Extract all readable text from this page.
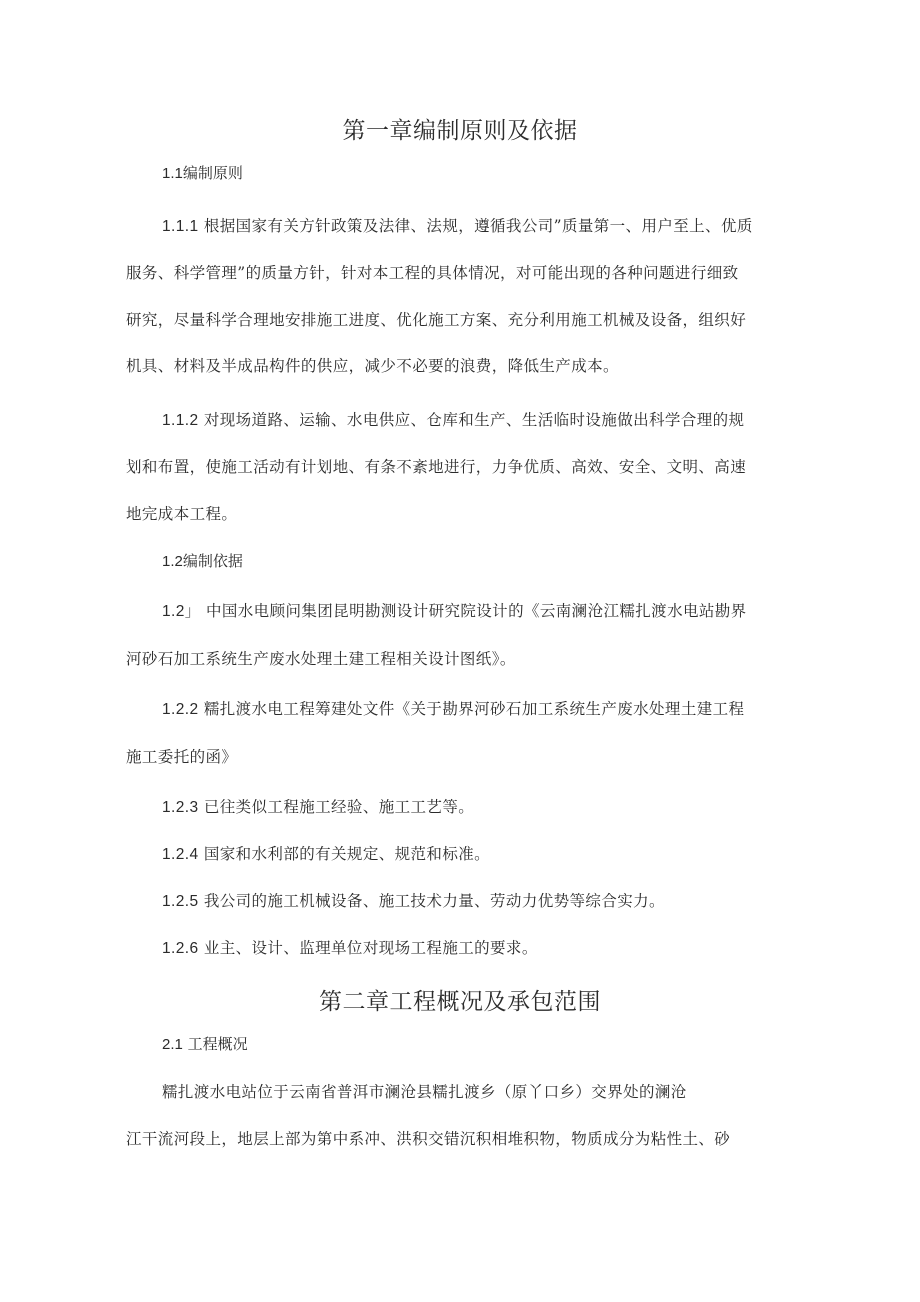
第一章编制原则及依据
1.1编制原则
1.1.1 根据国家有关方针政策及法律、法规，遵循我公司”质量第一、用户至上、优质
服务、科学管理”的质量方针，针对本工程的具体情况，对可能出现的各种问题进行细致
研究，尽量科学合理地安排施工进度、优化施工方案、充分利用施工机械及设备，组织好
机具、材料及半成品构件的供应，减少不必要的浪费，降低生产成本。
1.1.2 对现场道路、运输、水电供应、仓库和生产、生活临时设施做出科学合理的规
划和布置，使施工活动有计划地、有条不紊地进行，力争优质、高效、安全、文明、高速
地完成本工程。
1.2编制依据
1.2」 中国水电顾问集团昆明勘测设计研究院设计的《云南澜沧江糯扎渡水电站勘界
河砂石加工系统生产废水处理土建工程相关设计图纸》。
1.2.2 糯扎渡水电工程筹建处文件《关于勘界河砂石加工系统生产废水处理土建工程
施工委托的函》
1.2.3 已往类似工程施工经验、施工工艺等。
1.2.4 国家和水利部的有关规定、规范和标准。
1.2.5 我公司的施工机械设备、施工技术力量、劳动力优势等综合实力。
1.2.6 业主、设计、监理单位对现场工程施工的要求。
第二章工程概况及承包范围
2.1 工程概况
糯扎渡水电站位于云南省普洱市澜沧县糯扎渡乡（原丫口乡）交界处的澜沧
江干流河段上，地层上部为第中系冲、洪积交错沉积相堆积物，物质成分为粘性土、砂
